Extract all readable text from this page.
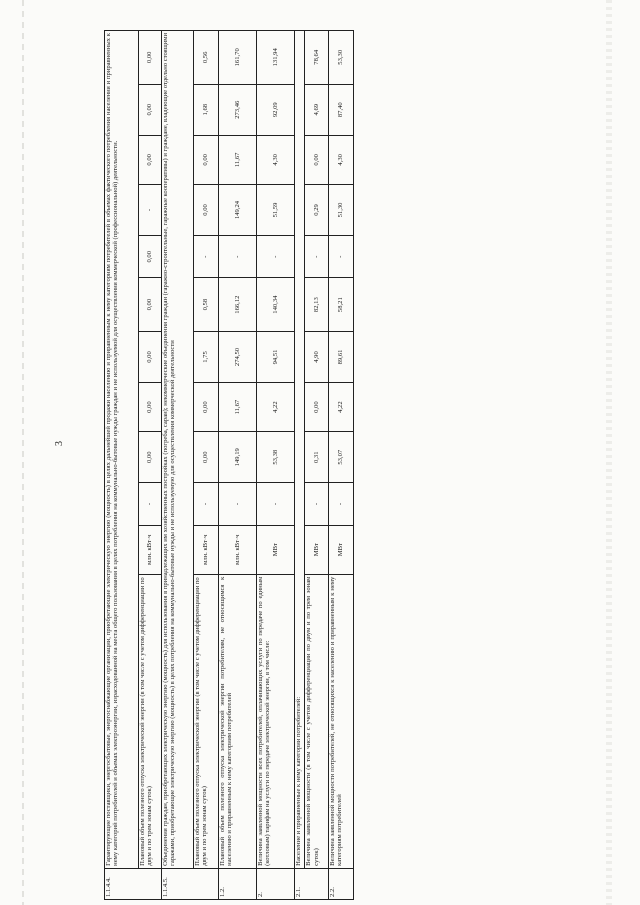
3
1.1.4.4.	Гарантирующие поставщики, энергосбытовые, энергоснабжающие организации, приобретающие электрическую энергию (мощность) в целях дальнейшей продажи населению и приравненным к нему категориям потребителей в объемах фактического потребления населения и приравненных к нему категорий потребителей и объемах электроэнергии, израсходованной на места общего пользования в целях потребления на коммунально-бытовые нужды граждан и не используемой для осуществления коммерческой (профессиональной) деятельности.											
	Плановый объем полезного отпуска электрической энергии (в том числе с учетом дифференциации по двум и по трем зонам суток)	млн. кВт·ч	-	0,00	0,00	0,00	0,00	0,00	-	0,00	0,00	0,00
1.1.4.5.	Объединения граждан, приобретающих электрическую энергию (мощность) для использования в принадлежащих им хозяйственных постройках (погреба, сараи); некоммерческие объединения граждан (гаражно-строительные, гаражные кооперативы) и граждане, владеющие отдельно стоящими гаражами, приобретающие электрическую энергию (мощность) в целях потребления на коммунально-бытовые нужды и не используемую для осуществления коммерческой деятельности											
	Плановый объем полезного отпуска электрической энергии (в том числе с учетом дифференциации по двум и по трем зонам суток)	млн. кВт·ч	-	0,00	0,00	1,75	0,58	-	0,00	0,00	1,68	0,56
1.2.	Плановый объем полезного отпуска электрической энергии потребителям, не относящимся к населению и приравненным к нему категориям потребителей	млн. кВт·ч	-	149,19	11,67	274,50	166,12	-	149,24	11,67	273,46	161,70
2.	Величина заявленной мощности всех потребителей, оплачивающих услуги по передаче по единым (котловым) тарифам на услуги по передаче электрической энергии, в том числе:	МВт	-	53,38	4,22	94,51	140,34	-	51,59	4,30	92,09	131,94
2.1.	Население и приравненные к нему категории потребителей:											
	Величина заявленной мощности (в том числе с учетом дифференциации по двум и по трем зонам суток)	МВт	-	0,31	0,00	4,90	82,13	-	0,29	0,00	4,69	78,64
2.2.	Величина заявленной мощности потребителей, не относящихся к населению и приравненным к нему категориям потребителей	МВт	-	53,07	4,22	89,61	58,21	-	51,30	4,30	87,40	53,30
